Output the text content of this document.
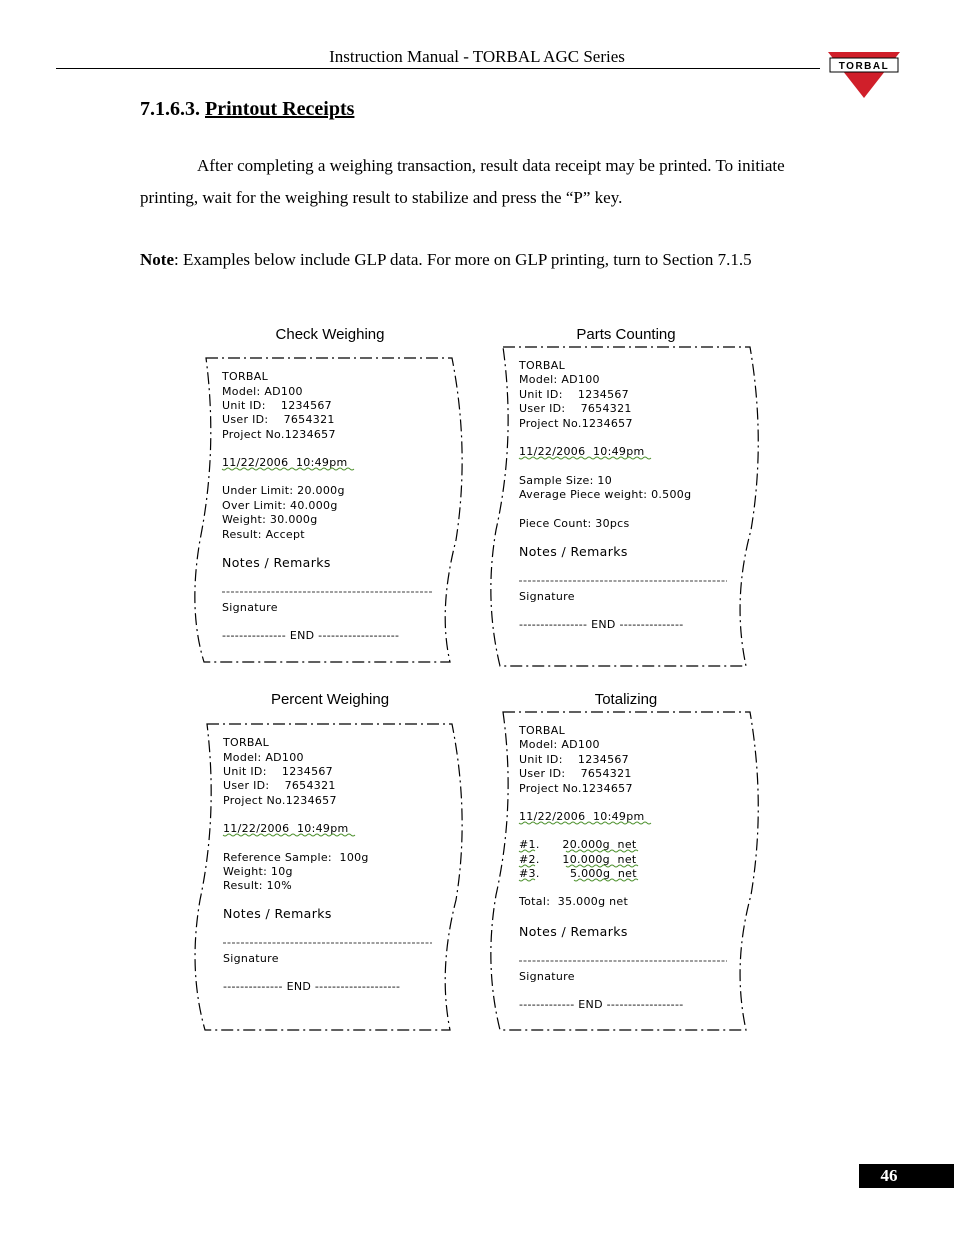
Instruction Manual - TORBAL AGC Series
TORBAL
7.1.6.3. Printout Receipts
After completing a weighing transaction, result data receipt may be printed. To initiate
printing, wait for the weighing result to stabilize and press the “P” key.
Note: Examples below include GLP data. For more on GLP printing, turn to Section 7.1.5
Check Weighing
TORBAL
Model: AD100
Unit ID:    1234567
User ID:    7654321
Project No.1234657
11/22/2006  10:49pm
Under Limit: 20.000g
Over Limit: 40.000g
Weight: 30.000g
Result: Accept
Notes / Remarks
Signature
--------------- END -------------------
Parts Counting
TORBAL
Model: AD100
Unit ID:    1234567
User ID:    7654321
Project No.1234657
11/22/2006  10:49pm
Sample Size: 10
Average Piece weight: 0.500g
Piece Count: 30pcs
Notes / Remarks
Signature
---------------- END ---------------
Percent Weighing
TORBAL
Model: AD100
Unit ID:    1234567
User ID:    7654321
Project No.1234657
11/22/2006  10:49pm
Reference Sample:  100g
Weight: 10g
Result: 10%
Notes / Remarks
Signature
-------------- END --------------------
Totalizing
TORBAL
Model: AD100
Unit ID:    1234567
User ID:    7654321
Project No.1234657
11/22/2006  10:49pm
#1.      20.000g  net
#2.      10.000g  net
#3.        5.000g  net
Total:  35.000g net
Notes / Remarks
Signature
------------- END ------------------
46
